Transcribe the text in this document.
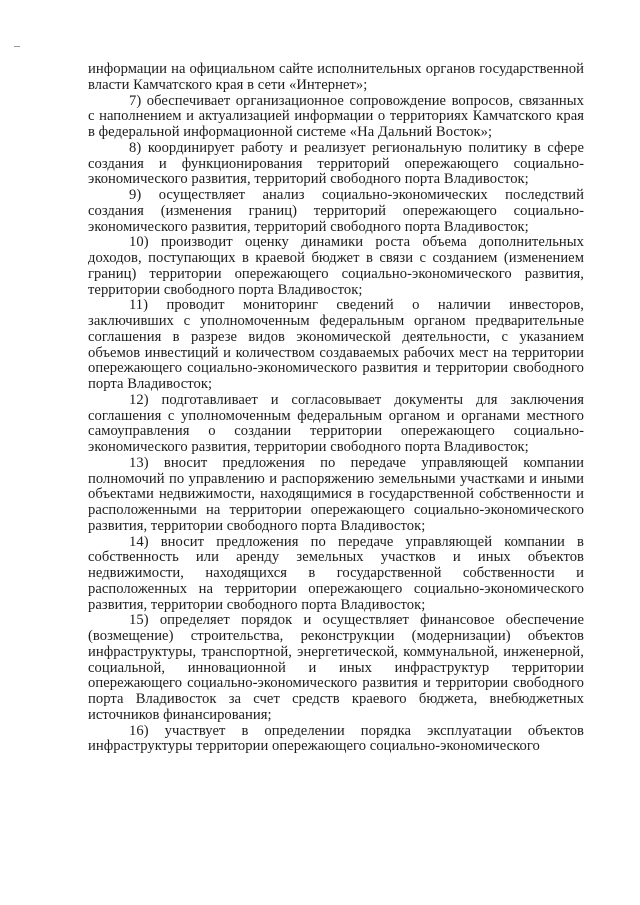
информации на официальном сайте исполнительных органов государственной власти Камчатского края в сети «Интернет»;

7) обеспечивает организационное сопровождение вопросов, связанных с наполнением и актуализацией информации о территориях Камчатского края в федеральной информационной системе «На Дальний Восток»;

8) координирует работу и реализует региональную политику в сфере создания и функционирования территорий опережающего социально-экономического развития, территорий свободного порта Владивосток;

9) осуществляет анализ социально-экономических последствий создания (изменения границ) территорий опережающего социально-экономического развития, территорий свободного порта Владивосток;

10) производит оценку динамики роста объема дополнительных доходов, поступающих в краевой бюджет в связи с созданием (изменением границ) территории опережающего социально-экономического развития, территории свободного порта Владивосток;

11) проводит мониторинг сведений о наличии инвесторов, заключивших с уполномоченным федеральным органом предварительные соглашения в разрезе видов экономической деятельности, с указанием объемов инвестиций и количеством создаваемых рабочих мест на территории опережающего социально-экономического развития и территории свободного порта Владивосток;

12) подготавливает и согласовывает документы для заключения соглашения с уполномоченным федеральным органом и органами местного самоуправления о создании территории опережающего социально-экономического развития, территории свободного порта Владивосток;

13) вносит предложения по передаче управляющей компании полномочий по управлению и распоряжению земельными участками и иными объектами недвижимости, находящимися в государственной собственности и расположенными на территории опережающего социально-экономического развития, территории свободного порта Владивосток;

14) вносит предложения по передаче управляющей компании в собственность или аренду земельных участков и иных объектов недвижимости, находящихся в государственной собственности и расположенных на территории опережающего социально-экономического развития, территории свободного порта Владивосток;

15) определяет порядок и осуществляет финансовое обеспечение (возмещение) строительства, реконструкции (модернизации) объектов инфраструктуры, транспортной, энергетической, коммунальной, инженерной, социальной, инновационной и иных инфраструктур территории опережающего социально-экономического развития и территории свободного порта Владивосток за счет средств краевого бюджета, внебюджетных источников финансирования;

16) участвует в определении порядка эксплуатации объектов инфраструктуры территории опережающего социально-экономического
